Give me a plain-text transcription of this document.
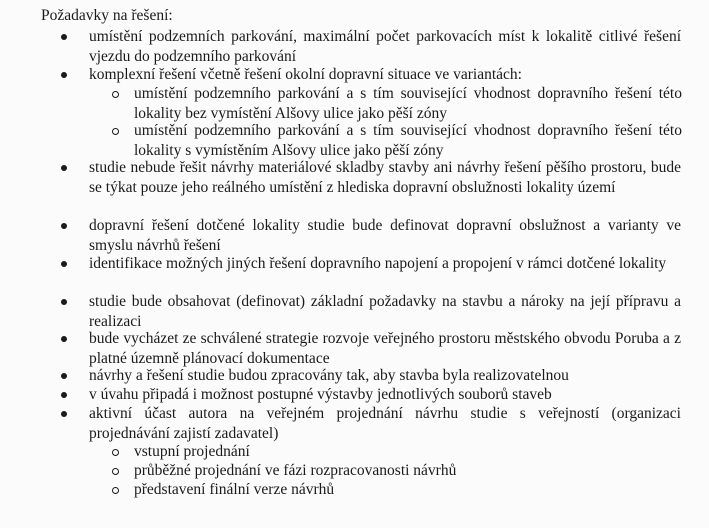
Požadavky na řešení:
umístění podzemních parkování, maximální počet parkovacích míst k lokalitě citlivé řešení vjezdu do podzemního parkování
komplexní řešení včetně řešení okolní dopravní situace ve variantách:
umístění podzemního parkování a s tím související vhodnost dopravního řešení této lokality bez vymístění Alšovy ulice jako pěší zóny
umístění podzemního parkování a s tím související vhodnost dopravního řešení této lokality s vymístěním Alšovy ulice jako pěší zóny
studie nebude řešit návrhy materiálové skladby stavby ani návrhy řešení pěšího prostoru, bude se týkat pouze jeho reálného umístění z hlediska dopravní obslužnosti lokality území
dopravní řešení dotčené lokality studie bude definovat dopravní obslužnost a varianty ve smyslu návrhů řešení
identifikace možných jiných řešení dopravního napojení a propojení v rámci dotčené lokality
studie bude obsahovat (definovat) základní požadavky na stavbu a nároky na její přípravu a realizaci
bude vycházet ze schválené strategie rozvoje veřejného prostoru městského obvodu Poruba a z platné územně plánovací dokumentace
návrhy a řešení studie budou zpracovány tak, aby stavba byla realizovatelnou
v úvahu připadá i možnost postupné výstavby jednotlivých souborů staveb
aktivní účast autora na veřejném projednání návrhu studie s veřejností (organizaci projednávání zajistí zadavatel)
vstupní projednání
průběžné projednání ve fázi rozpracovanosti návrhů
představení finální verze návrhů
